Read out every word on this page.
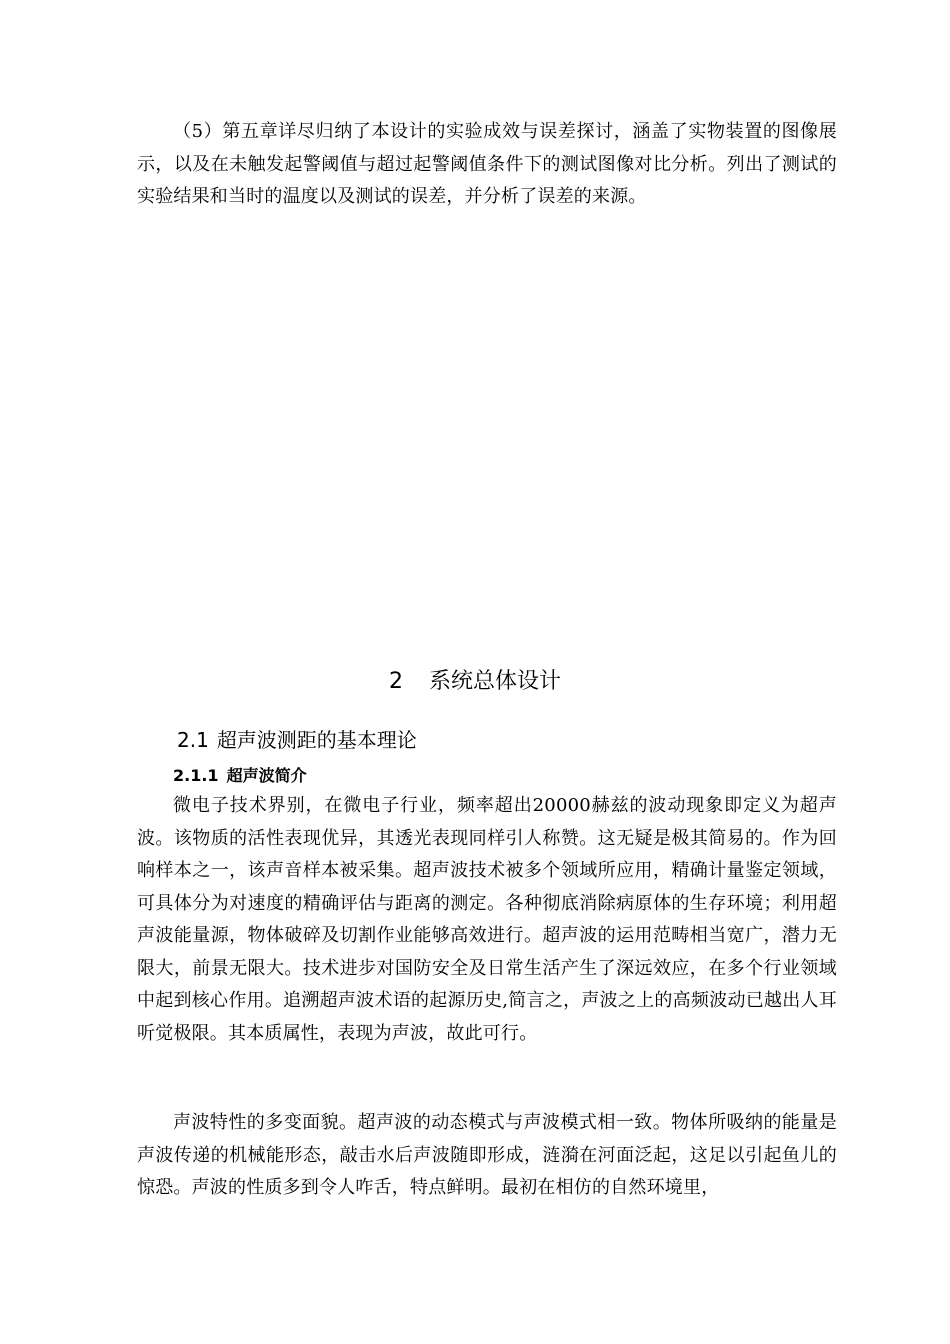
（5）第五章详尽归纳了本设计的实验成效与误差探讨，涵盖了实物装置的图像展示，以及在未触发起警阈值与超过起警阈值条件下的测试图像对比分析。列出了测试的实验结果和当时的温度以及测试的误差，并分析了误差的来源。

2 系统总体设计
2.1 超声波测距的基本理论
2.1.1 超声波简介

微电子技术界别，在微电子行业，频率超出20000赫兹的波动现象即定义为超声波。该物质的活性表现优异，其透光表现同样引人称赞。这无疑是极其简易的。作为回响样本之一，该声音样本被采集。超声波技术被多个领域所应用，精确计量鉴定领域，可具体分为对速度的精确评估与距离的测定。各种彻底消除病原体的生存环境；利用超声波能量源，物体破碎及切割作业能够高效进行。超声波的运用范畴相当宽广，潜力无限大，前景无限大。技术进步对国防安全及日常生活产生了深远效应，在多个行业领域中起到核心作用。追溯超声波术语的起源历史,简言之，声波之上的高频波动已越出人耳听觉极限。其本质属性，表现为声波，故此可行。

声波特性的多变面貌。超声波的动态模式与声波模式相一致。物体所吸纳的能量是声波传递的机械能形态，敲击水后声波随即形成，涟漪在河面泛起，这足以引起鱼儿的惊恐。声波的性质多到令人咋舌，特点鲜明。最初在相仿的自然环境里，
